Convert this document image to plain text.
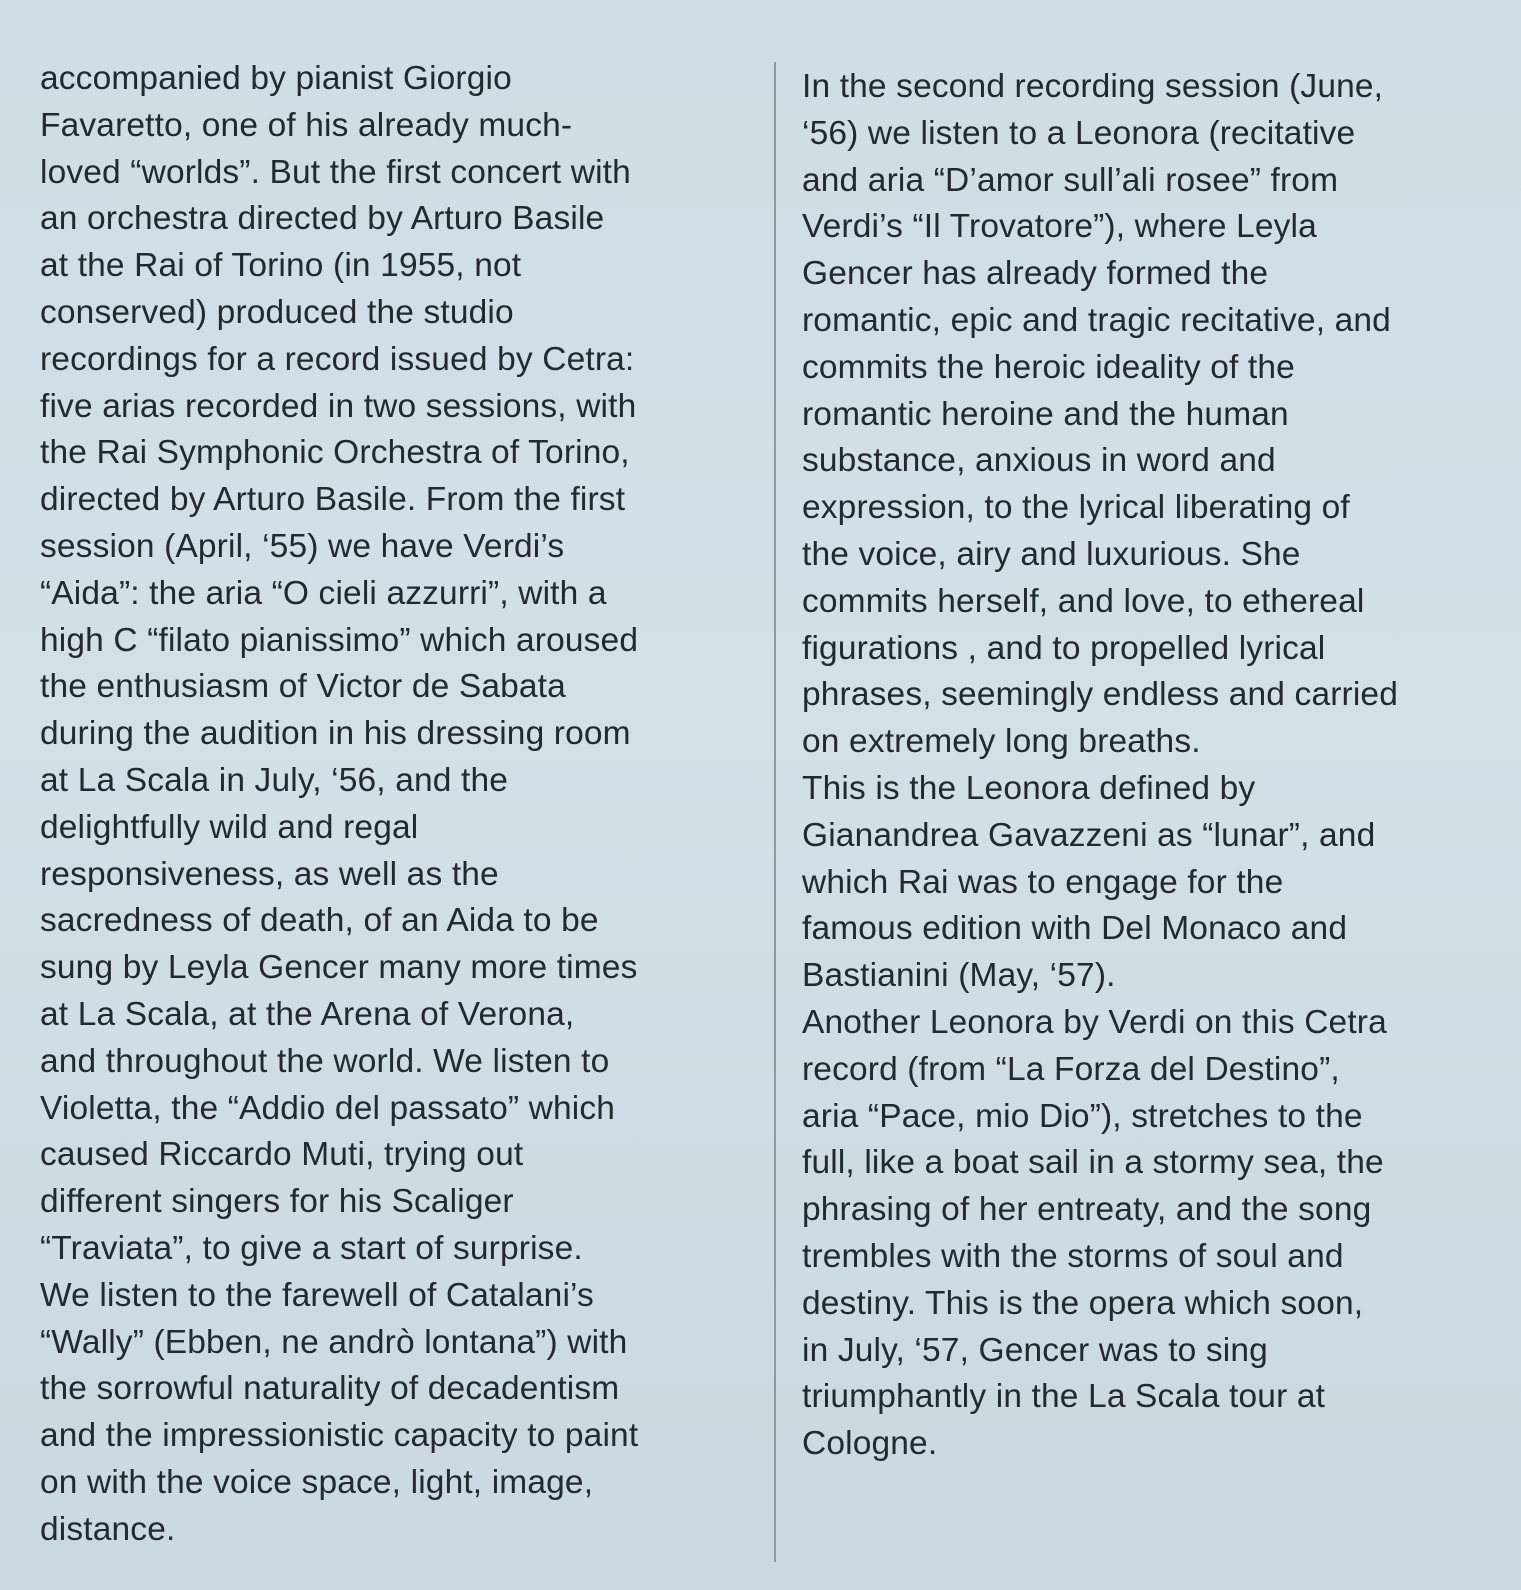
accompanied by pianist Giorgio
Favaretto, one of his already much-
loved “worlds”. But the first concert with
an orchestra directed by Arturo Basile
at the Rai of Torino (in 1955, not
conserved) produced the studio
recordings for a record issued by Cetra:
five arias recorded in two sessions, with
the Rai Symphonic Orchestra of Torino,
directed by Arturo Basile. From the first
session (April, ‘55) we have Verdi’s
“Aida”: the aria “O cieli azzurri”, with a
high C “filato pianissimo” which aroused
the enthusiasm of Victor de Sabata
during the audition in his dressing room
at La Scala in July, ‘56, and the
delightfully wild and regal
responsiveness, as well as the
sacredness of death, of an Aida to be
sung by Leyla Gencer many more times
at La Scala, at the Arena of Verona,
and throughout the world. We listen to
Violetta, the “Addio del passato” which
caused Riccardo Muti, trying out
different singers for his Scaliger
“Traviata”, to give a start of surprise.
We listen to the farewell of Catalani’s
“Wally” (Ebben, ne andrò lontana”) with
the sorrowful naturality of decadentism
and the impressionistic capacity to paint
on with the voice space, light, image,
distance.
In the second recording session (June,
‘56) we listen to a Leonora (recitative
and aria “D’amor sull’ali rosee” from
Verdi’s “Il Trovatore”), where Leyla
Gencer has already formed the
romantic, epic and tragic recitative, and
commits the heroic ideality of the
romantic heroine and the human
substance, anxious in word and
expression, to the lyrical liberating of
the voice, airy and luxurious. She
commits herself, and love, to ethereal
figurations , and to propelled lyrical
phrases, seemingly endless and carried
on extremely long breaths.
This is the Leonora defined by
Gianandrea Gavazzeni as “lunar”, and
which Rai was to engage for the
famous edition with Del Monaco and
Bastianini (May, ‘57).
Another Leonora by Verdi on this Cetra
record (from “La Forza del Destino”,
aria “Pace, mio Dio”), stretches to the
full, like a boat sail in a stormy sea, the
phrasing of her entreaty, and the song
trembles with the storms of soul and
destiny. This is the opera which soon,
in July, ‘57, Gencer was to sing
triumphantly in the La Scala tour at
Cologne.
